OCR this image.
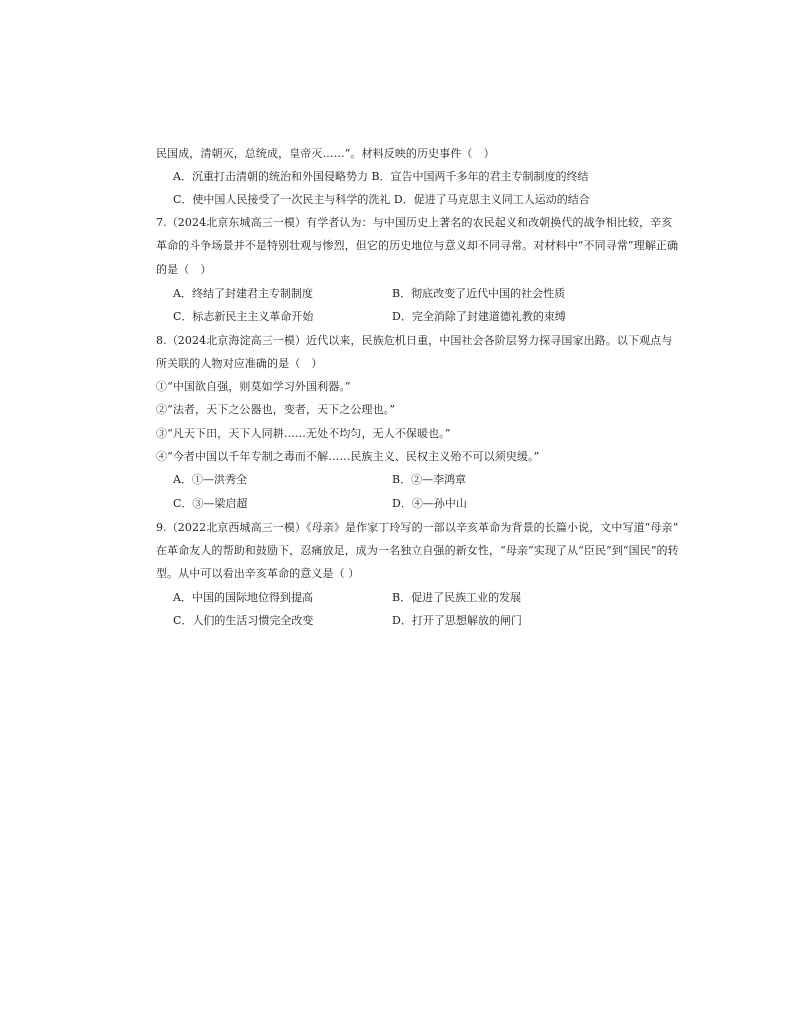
民国成，清朝灭，总统成，皇帝灭……”。材料反映的历史事件（　）
A．沉重打击清朝的统治和外国侵略势力 B．宣告中国两千多年的君主专制制度的终结
C．使中国人民接受了一次民主与科学的洗礼 D．促进了马克思主义同工人运动的结合
7.（2024北京东城高三一模）有学者认为：与中国历史上著名的农民起义和改朝换代的战争相比较，辛亥
革命的斗争场景并不是特别壮观与惨烈，但它的历史地位与意义却不同寻常。对材料中“不同寻常”理解正确
的是（　）
A．终结了封建君主专制制度	B．彻底改变了近代中国的社会性质
C．标志新民主主义革命开始	D．完全消除了封建道德礼教的束缚
8.（2024北京海淀高三一模）近代以来，民族危机日重，中国社会各阶层努力探寻国家出路。以下观点与
所关联的人物对应准确的是（　）
①“中国欲自强，则莫如学习外国利器。”
②“法者，天下之公器也，变者，天下之公理也。”
③“凡天下田，天下人同耕……无处不均匀，无人不保暖也。”
④“今者中国以千年专制之毒而不解……民族主义、民权主义殆不可以须臾缓。”
A．①—洪秀全	B．②—李鸿章
C．③—梁启超	D．④—孙中山
9.（2022北京西城高三一模）《母亲》是作家丁玲写的一部以辛亥革命为背景的长篇小说，文中写道“母亲”
在革命友人的帮助和鼓励下，忍痛放足，成为一名独立自强的新女性，“母亲”实现了从“臣民”到“国民”的转
型。从中可以看出辛亥革命的意义是（ ）
A．中国的国际地位得到提高	B．促进了民族工业的发展
C．人们的生活习惯完全改变	D．打开了思想解放的闸门
